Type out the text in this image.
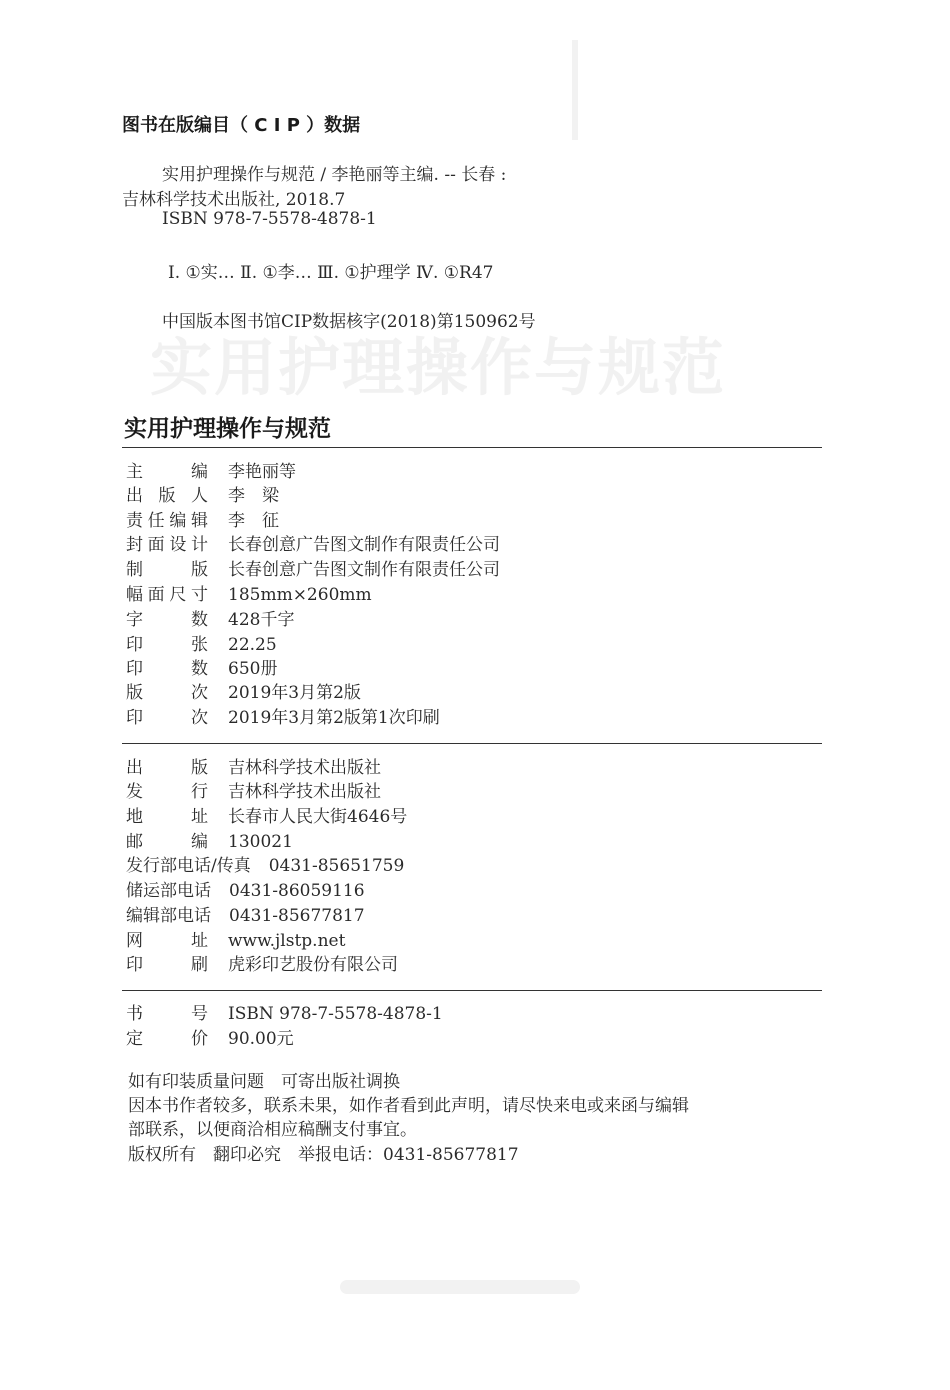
实用护理操作与规范
图书在版编目（ C I P ）数据
实用护理操作与规范 / 李艳丽等主编. -- 长春 :
吉林科学技术出版社, 2018.7
ISBN 978-7-5578-4878-1
Ⅰ. ①实… Ⅱ. ①李… Ⅲ. ①护理学 Ⅳ. ①R47
中国版本图书馆CIP数据核字(2018)第150962号
实用护理操作与规范
主　　编 李艳丽等
出 版 人 李　梁
责任编辑 李　征
封面设计 长春创意广告图文制作有限责任公司
制　　版 长春创意广告图文制作有限责任公司
幅面尺寸 185mm×260mm
字　　数 428千字
印　　张 22.25
印　　数 650册
版　　次 2019年3月第2版
印　　次 2019年3月第2版第1次印刷
出　　版 吉林科学技术出版社
发　　行 吉林科学技术出版社
地　　址 长春市人民大街4646号
邮　　编 130021
发行部电话/传真 0431-85651759
储运部电话 0431-86059116
编辑部电话 0431-85677817
网　　址 www.jlstp.net
印　　刷 虎彩印艺股份有限公司
书　　号 ISBN 978-7-5578-4878-1
定　　价 90.00元
如有印装质量问题　可寄出版社调换
因本书作者较多，联系未果，如作者看到此声明，请尽快来电或来函与编辑
部联系，以便商洽相应稿酬支付事宜。
版权所有　翻印必究　举报电话：0431-85677817
